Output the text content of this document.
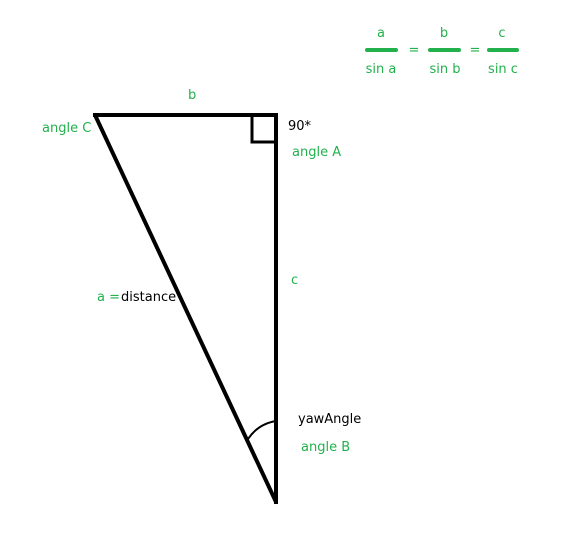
b
90*
angle A
angle C
c
a = distance
yawAngle
angle B
a
sin a
=
b
sin b
=
c
sin c
